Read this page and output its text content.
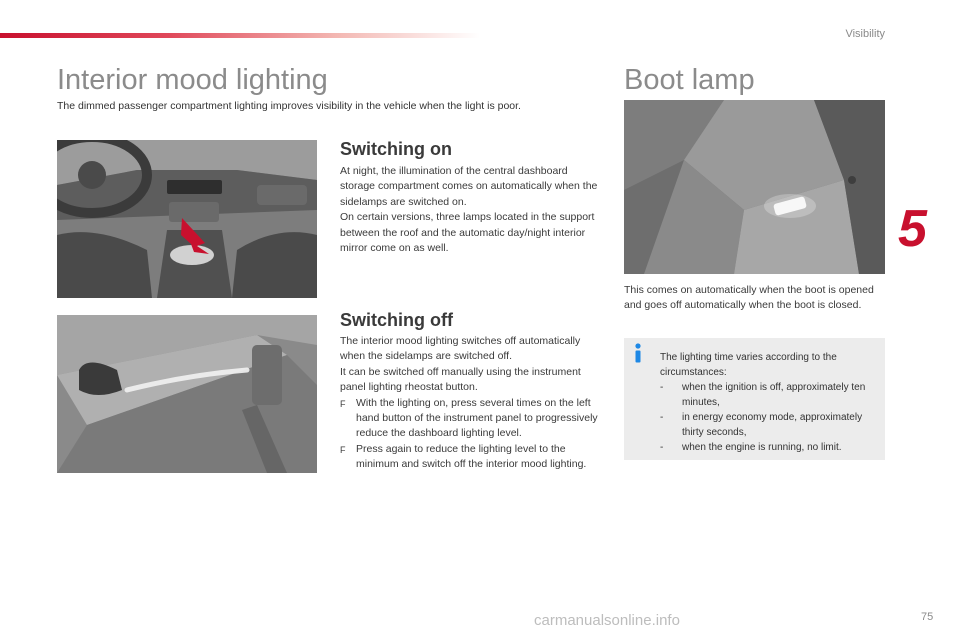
Visibility
Interior mood lighting

The dimmed passenger compartment lighting improves visibility in the vehicle when the light is poor.

Switching on

At night, the illumination of the central dashboard storage compartment comes on automatically when the sidelamps are switched on.

On certain versions, three lamps located in the support between the roof and the automatic day/night interior mirror come on as well.

Switching off

The interior mood lighting switches off automatically when the sidelamps are switched off.

It can be switched off manually using the instrument panel lighting rheostat button.

F	With the lighting on, press several times on the left hand button of the instrument panel to progressively reduce the dashboard lighting level.
F	Press again to reduce the lighting level to the minimum and switch off the interior mood lighting.
Boot lamp
This comes on automatically when the boot is opened and goes off automatically when the boot is closed.
The lighting time varies according to the circumstances:
-	when the ignition is off, approximately ten minutes,
-	in energy economy mode, approximately thirty seconds,
-	when the engine is running, no limit.
5
75
carmanualsonline.info
